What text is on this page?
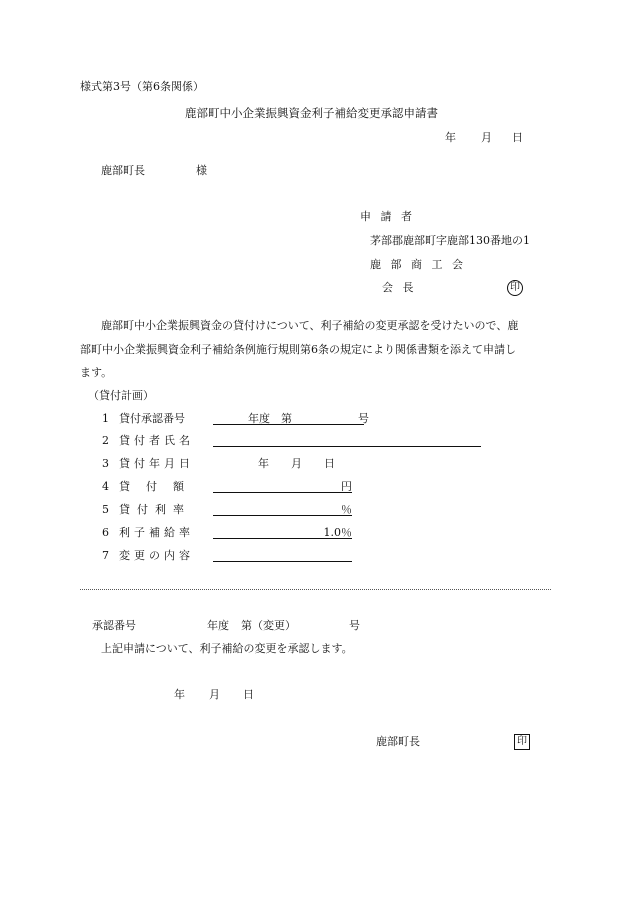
様式第3号（第6条関係）
鹿部町中小企業振興資金利子補給変更承認申請書
年 月 日
鹿部町長	様
申 請 者
茅部郡鹿部町字鹿部130番地の1
鹿 部 商 工 会
会 長	印
鹿部町中小企業振興資金の貸付けについて、利子補給の変更承認を受けたいので、鹿
部町中小企業振興資金利子補給条例施行規則第6条の規定により関係書類を添えて申請し
ます。
（貸付計画）
1 貸付承認番号	年度　第　　　　　　号
2 貸付者氏名
3 貸付年月日	年　　月　　日
4 貸付額	円
5 貸付利率	％
6 利子補給率	1.0％
7 変更の内容
承認番号	年度 第（変更）	号
上記申請について、利子補給の変更を承認します。
年 月 日
鹿部町長	印
